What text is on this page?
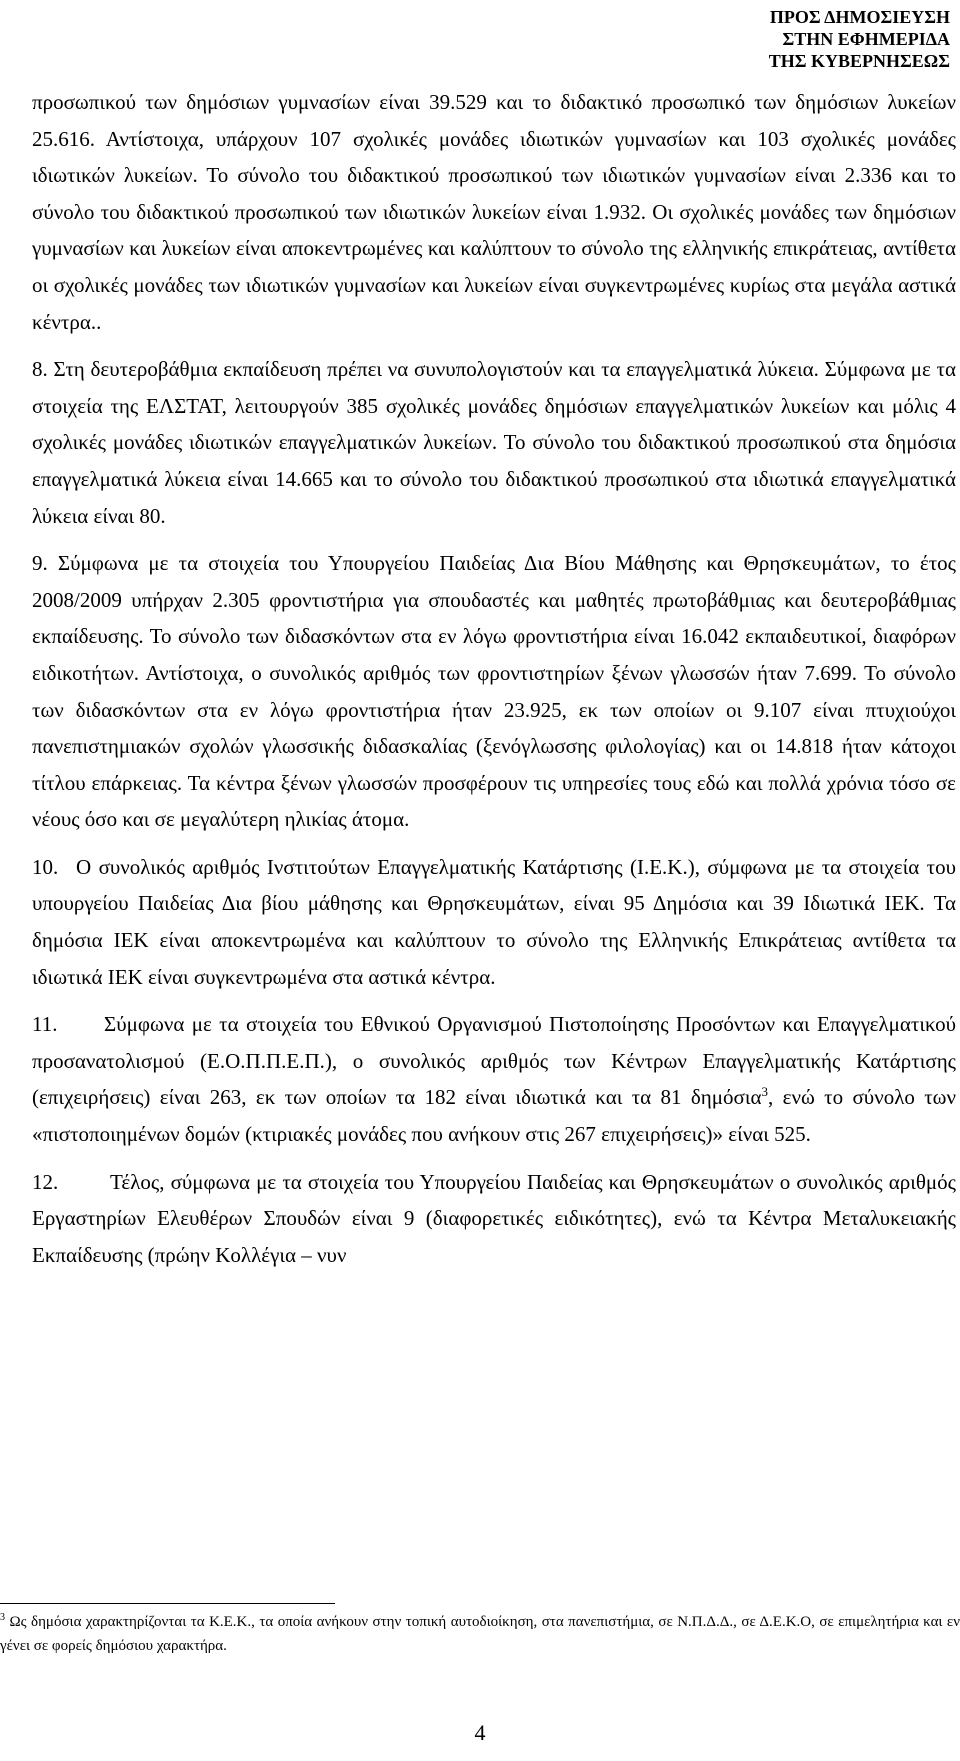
ΠΡΟΣ ΔΗΜΟΣΙΕΥΣΗ
ΣΤΗΝ ΕΦΗΜΕΡΙΔΑ
ΤΗΣ ΚΥΒΕΡΝΗΣΕΩΣ

προσωπικού των δημόσιων γυμνασίων είναι 39.529 και το διδακτικό προσωπικό των δημόσιων λυκείων 25.616. Αντίστοιχα, υπάρχουν 107 σχολικές μονάδες ιδιωτικών γυμνασίων και 103 σχολικές μονάδες ιδιωτικών λυκείων. Το σύνολο του διδακτικού προσωπικού των ιδιωτικών γυμνασίων είναι 2.336 και το σύνολο του διδακτικού προσωπικού των ιδιωτικών λυκείων είναι 1.932. Οι σχολικές μονάδες των δημόσιων γυμνασίων και λυκείων είναι αποκεντρωμένες και καλύπτουν το σύνολο της ελληνικής επικράτειας, αντίθετα οι σχολικές μονάδες των ιδιωτικών γυμνασίων και λυκείων είναι συγκεντρωμένες κυρίως στα μεγάλα αστικά κέντρα..

8. Στη δευτεροβάθμια εκπαίδευση πρέπει να συνυπολογιστούν και τα επαγγελματικά λύκεια. Σύμφωνα με τα στοιχεία της ΕΛΣΤΑΤ, λειτουργούν 385 σχολικές μονάδες δημόσιων επαγγελματικών λυκείων και μόλις 4 σχολικές μονάδες ιδιωτικών επαγγελματικών λυκείων. Το σύνολο του διδακτικού προσωπικού στα δημόσια επαγγελματικά λύκεια είναι 14.665 και το σύνολο του διδακτικού προσωπικού στα ιδιωτικά επαγγελματικά λύκεια είναι 80.

9. Σύμφωνα με τα στοιχεία του Υπουργείου Παιδείας Δια Βίου Μάθησης και Θρησκευμάτων, το έτος 2008/2009 υπήρχαν 2.305 φροντιστήρια για σπουδαστές και μαθητές πρωτοβάθμιας και δευτεροβάθμιας εκπαίδευσης. Το σύνολο των διδασκόντων στα εν λόγω φροντιστήρια είναι 16.042 εκπαιδευτικοί, διαφόρων ειδικοτήτων. Αντίστοιχα, ο συνολικός αριθμός των φροντιστηρίων ξένων γλωσσών ήταν 7.699. Το σύνολο των διδασκόντων στα εν λόγω φροντιστήρια ήταν 23.925, εκ των οποίων οι 9.107 είναι πτυχιούχοι πανεπιστημιακών σχολών γλωσσικής διδασκαλίας (ξενόγλωσσης φιλολογίας) και οι 14.818 ήταν κάτοχοι τίτλου επάρκειας. Τα κέντρα ξένων γλωσσών προσφέρουν τις υπηρεσίες τους εδώ και πολλά χρόνια τόσο σε νέους όσο και σε μεγαλύτερη ηλικίας άτομα.

10. Ο συνολικός αριθμός Ινστιτούτων Επαγγελματικής Κατάρτισης (Ι.Ε.Κ.), σύμφωνα με τα στοιχεία του υπουργείου Παιδείας Δια βίου μάθησης και Θρησκευμάτων, είναι 95 Δημόσια και 39 Ιδιωτικά ΙΕΚ. Τα δημόσια ΙΕΚ είναι αποκεντρωμένα και καλύπτουν το σύνολο της Ελληνικής Επικράτειας αντίθετα τα ιδιωτικά ΙΕΚ είναι συγκεντρωμένα στα αστικά κέντρα.

11. Σύμφωνα με τα στοιχεία του Εθνικού Οργανισμού Πιστοποίησης Προσόντων και Επαγγελματικού προσανατολισμού (Ε.Ο.Π.Π.Ε.Π.), ο συνολικός αριθμός των Κέντρων Επαγγελματικής Κατάρτισης (επιχειρήσεις) είναι 263, εκ των οποίων τα 182 είναι ιδιωτικά και τα 81 δημόσια$^3$, ενώ το σύνολο των «πιστοποιημένων δομών (κτιριακές μονάδες που ανήκουν στις 267 επιχειρήσεις)» είναι 525.

12. Τέλος, σύμφωνα με τα στοιχεία του Υπουργείου Παιδείας και Θρησκευμάτων ο συνολικός αριθμός Εργαστηρίων Ελευθέρων Σπουδών είναι 9 (διαφορετικές ειδικότητες), ενώ τα Κέντρα Μεταλυκειακής Εκπαίδευσης (πρώην Κολλέγια – νυν

$^3$ Ως δημόσια χαρακτηρίζονται τα Κ.Ε.Κ., τα οποία ανήκουν στην τοπική αυτοδιοίκηση, στα πανεπιστήμια, σε Ν.Π.Δ.Δ., σε Δ.Ε.Κ.Ο, σε επιμελητήρια και εν γένει σε φορείς δημόσιου χαρακτήρα.
4
